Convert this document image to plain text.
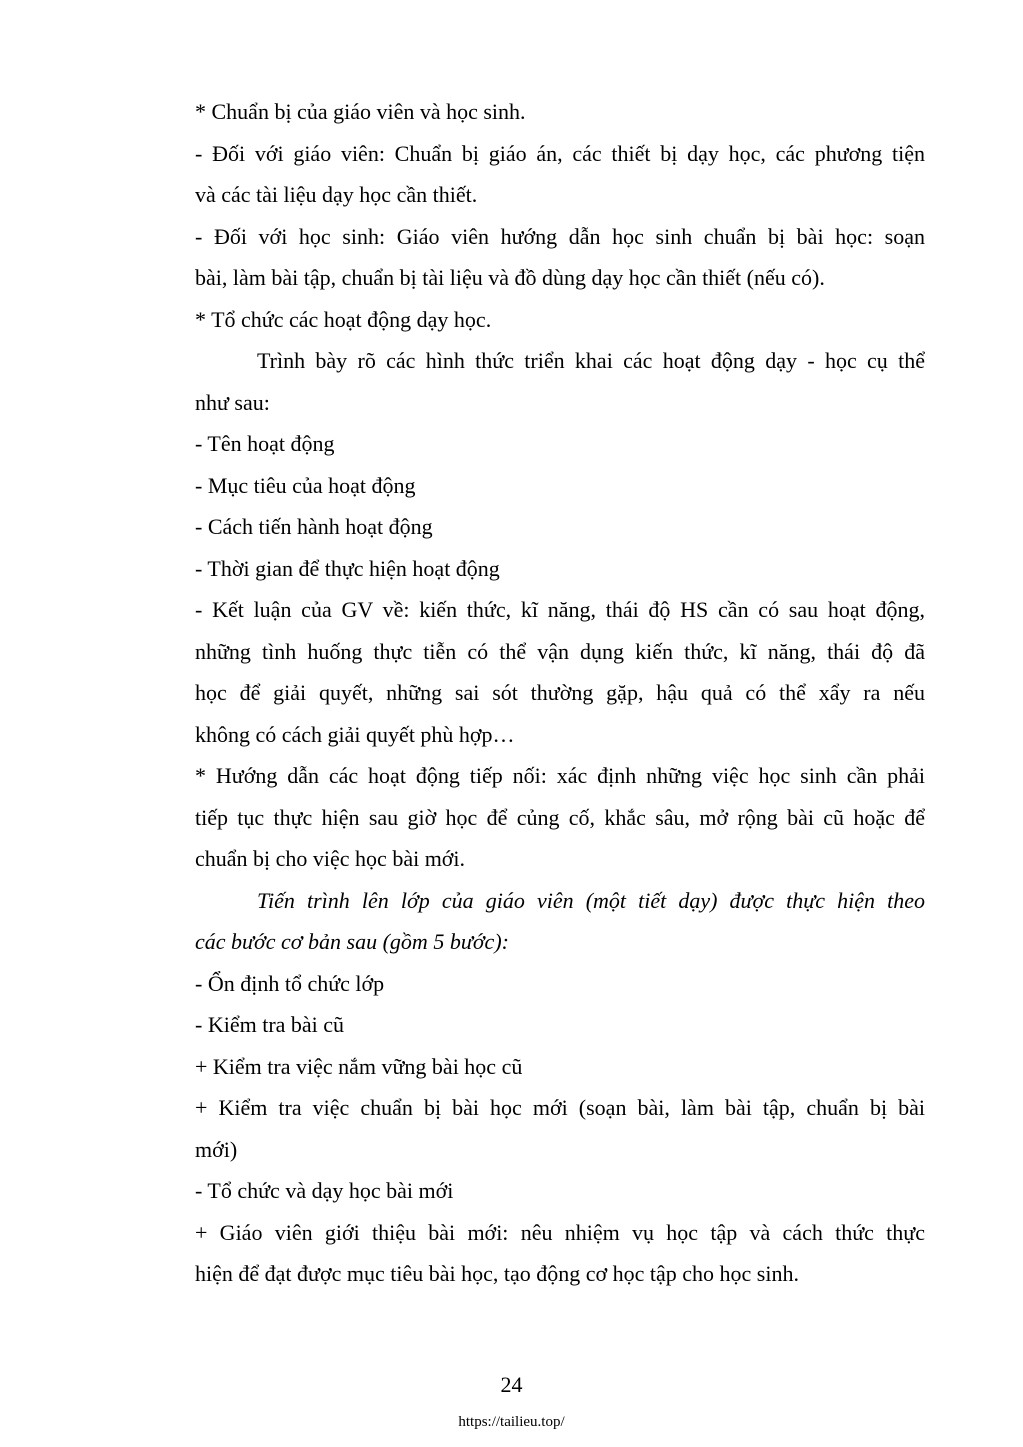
* Chuẩn bị của giáo viên và học sinh.
- Đối với giáo viên: Chuẩn bị giáo án, các thiết bị dạy học, các phương tiện
và các tài liệu dạy học cần thiết.
- Đối với học sinh: Giáo viên hướng dẫn học sinh chuẩn bị bài học: soạn
bài, làm bài tập, chuẩn bị tài liệu và đồ dùng dạy học cần thiết (nếu có).
* Tổ chức các hoạt động dạy học.
Trình bày rõ các hình thức triển khai các hoạt động dạy - học cụ thể
như sau:
- Tên hoạt động
- Mục tiêu của hoạt động
- Cách tiến hành hoạt động
- Thời gian để thực hiện hoạt động
- Kết luận của GV về: kiến thức, kĩ năng, thái độ HS cần có sau hoạt động,
những tình huống thực tiễn có thể vận dụng kiến thức, kĩ năng, thái độ đã
học để giải quyết, những sai sót thường gặp, hậu quả có thể xẩy ra nếu
không có cách giải quyết phù hợp…
* Hướng dẫn các hoạt động tiếp nối: xác định những việc học sinh cần phải
tiếp tục thực hiện sau giờ học để củng cố, khắc sâu, mở rộng bài cũ hoặc để
chuẩn bị cho việc học bài mới.
Tiến trình lên lớp của giáo viên (một tiết dạy) được thực hiện theo
các bước cơ bản sau (gồm 5 bước):
- Ổn định tổ chức lớp
- Kiểm tra bài cũ
+ Kiểm tra việc nắm vững bài học cũ
+ Kiểm tra việc chuẩn bị bài học mới (soạn bài, làm bài tập, chuẩn bị bài
mới)
- Tổ chức và dạy học bài mới
+ Giáo viên giới thiệu bài mới: nêu nhiệm vụ học tập và cách thức thực
hiện để đạt được mục tiêu bài học, tạo động cơ học tập cho học sinh.
24
https://tailieu.top/
